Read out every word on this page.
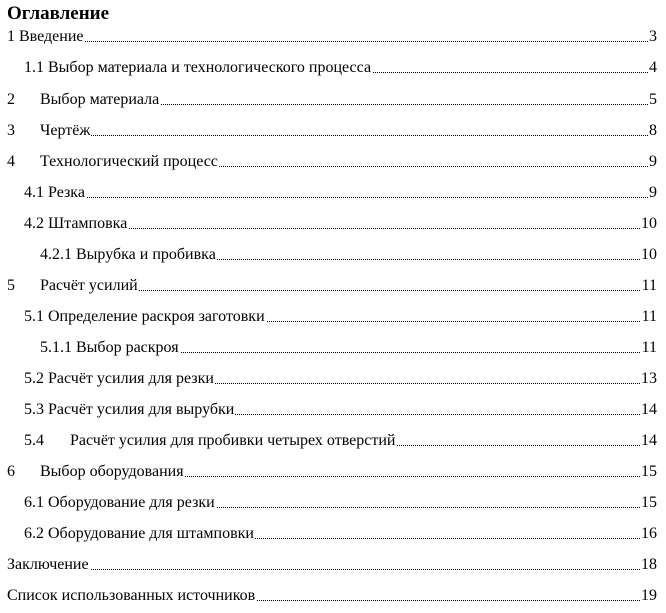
Оглавление
1 Введение	3
1.1 Выбор материала и технологического процесса	4
2 Выбор материала	5
3 Чертёж	8
4 Технологический процесс	9
4.1 Резка	9
4.2 Штамповка	10
4.2.1 Вырубка и пробивка	10
5 Расчёт усилий	11
5.1 Определение раскроя заготовки	11
5.1.1 Выбор раскроя	11
5.2 Расчёт усилия для резки	13
5.3 Расчёт усилия для вырубки	14
5.4 Расчёт усилия для пробивки четырех отверстий	14
6 Выбор оборудования	15
6.1 Оборудование для резки	15
6.2 Оборудование для штамповки	16
Заключение	18
Список использованных источников	19
